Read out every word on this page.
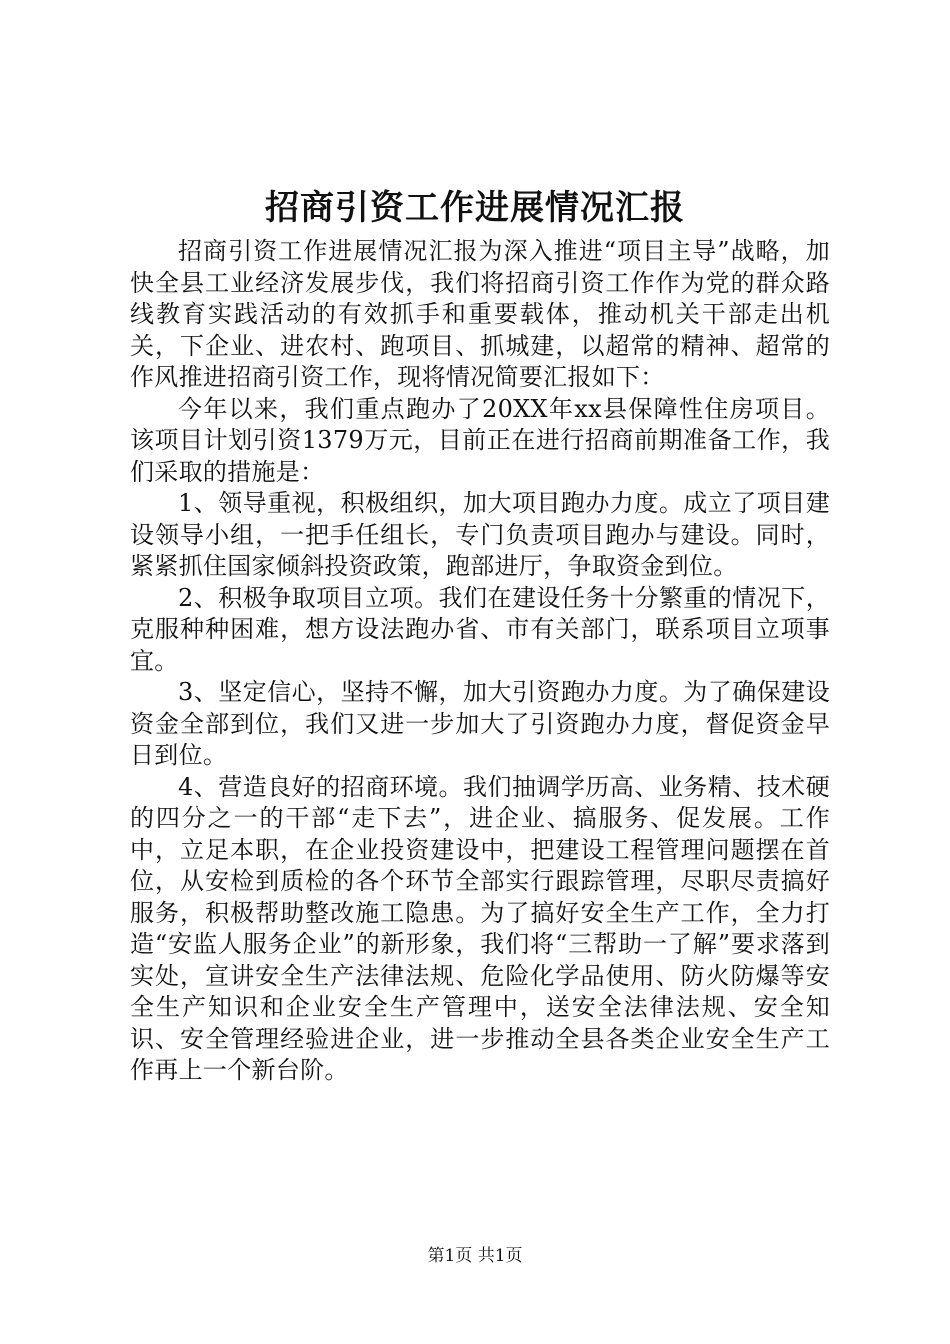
招商引资工作进展情况汇报

招商引资工作进展情况汇报为深入推进“项目主导”战略，加快全县工业经济发展步伐，我们将招商引资工作作为党的群众路线教育实践活动的有效抓手和重要载体，推动机关干部走出机关，下企业、进农村、跑项目、抓城建，以超常的精神、超常的作风推进招商引资工作，现将情况简要汇报如下：

今年以来，我们重点跑办了20XX年xx县保障性住房项目。该项目计划引资1379万元，目前正在进行招商前期准备工作，我们采取的措施是：

1、领导重视，积极组织，加大项目跑办力度。成立了项目建设领导小组，一把手任组长，专门负责项目跑办与建设。同时，紧紧抓住国家倾斜投资政策，跑部进厅，争取资金到位。

2、积极争取项目立项。我们在建设任务十分繁重的情况下，克服种种困难，想方设法跑办省、市有关部门，联系项目立项事宜。

3、坚定信心，坚持不懈，加大引资跑办力度。为了确保建设资金全部到位，我们又进一步加大了引资跑办力度，督促资金早日到位。

4、营造良好的招商环境。我们抽调学历高、业务精、技术硬的四分之一的干部“走下去”，进企业、搞服务、促发展。工作中，立足本职，在企业投资建设中，把建设工程管理问题摆在首位，从安检到质检的各个环节全部实行跟踪管理，尽职尽责搞好服务，积极帮助整改施工隐患。为了搞好安全生产工作，全力打造“安监人服务企业”的新形象，我们将“三帮助一了解”要求落到实处，宣讲安全生产法律法规、危险化学品使用、防火防爆等安全生产知识和企业安全生产管理中，送安全法律法规、安全知识、安全管理经验进企业，进一步推动全县各类企业安全生产工作再上一个新台阶。

第1页 共1页
